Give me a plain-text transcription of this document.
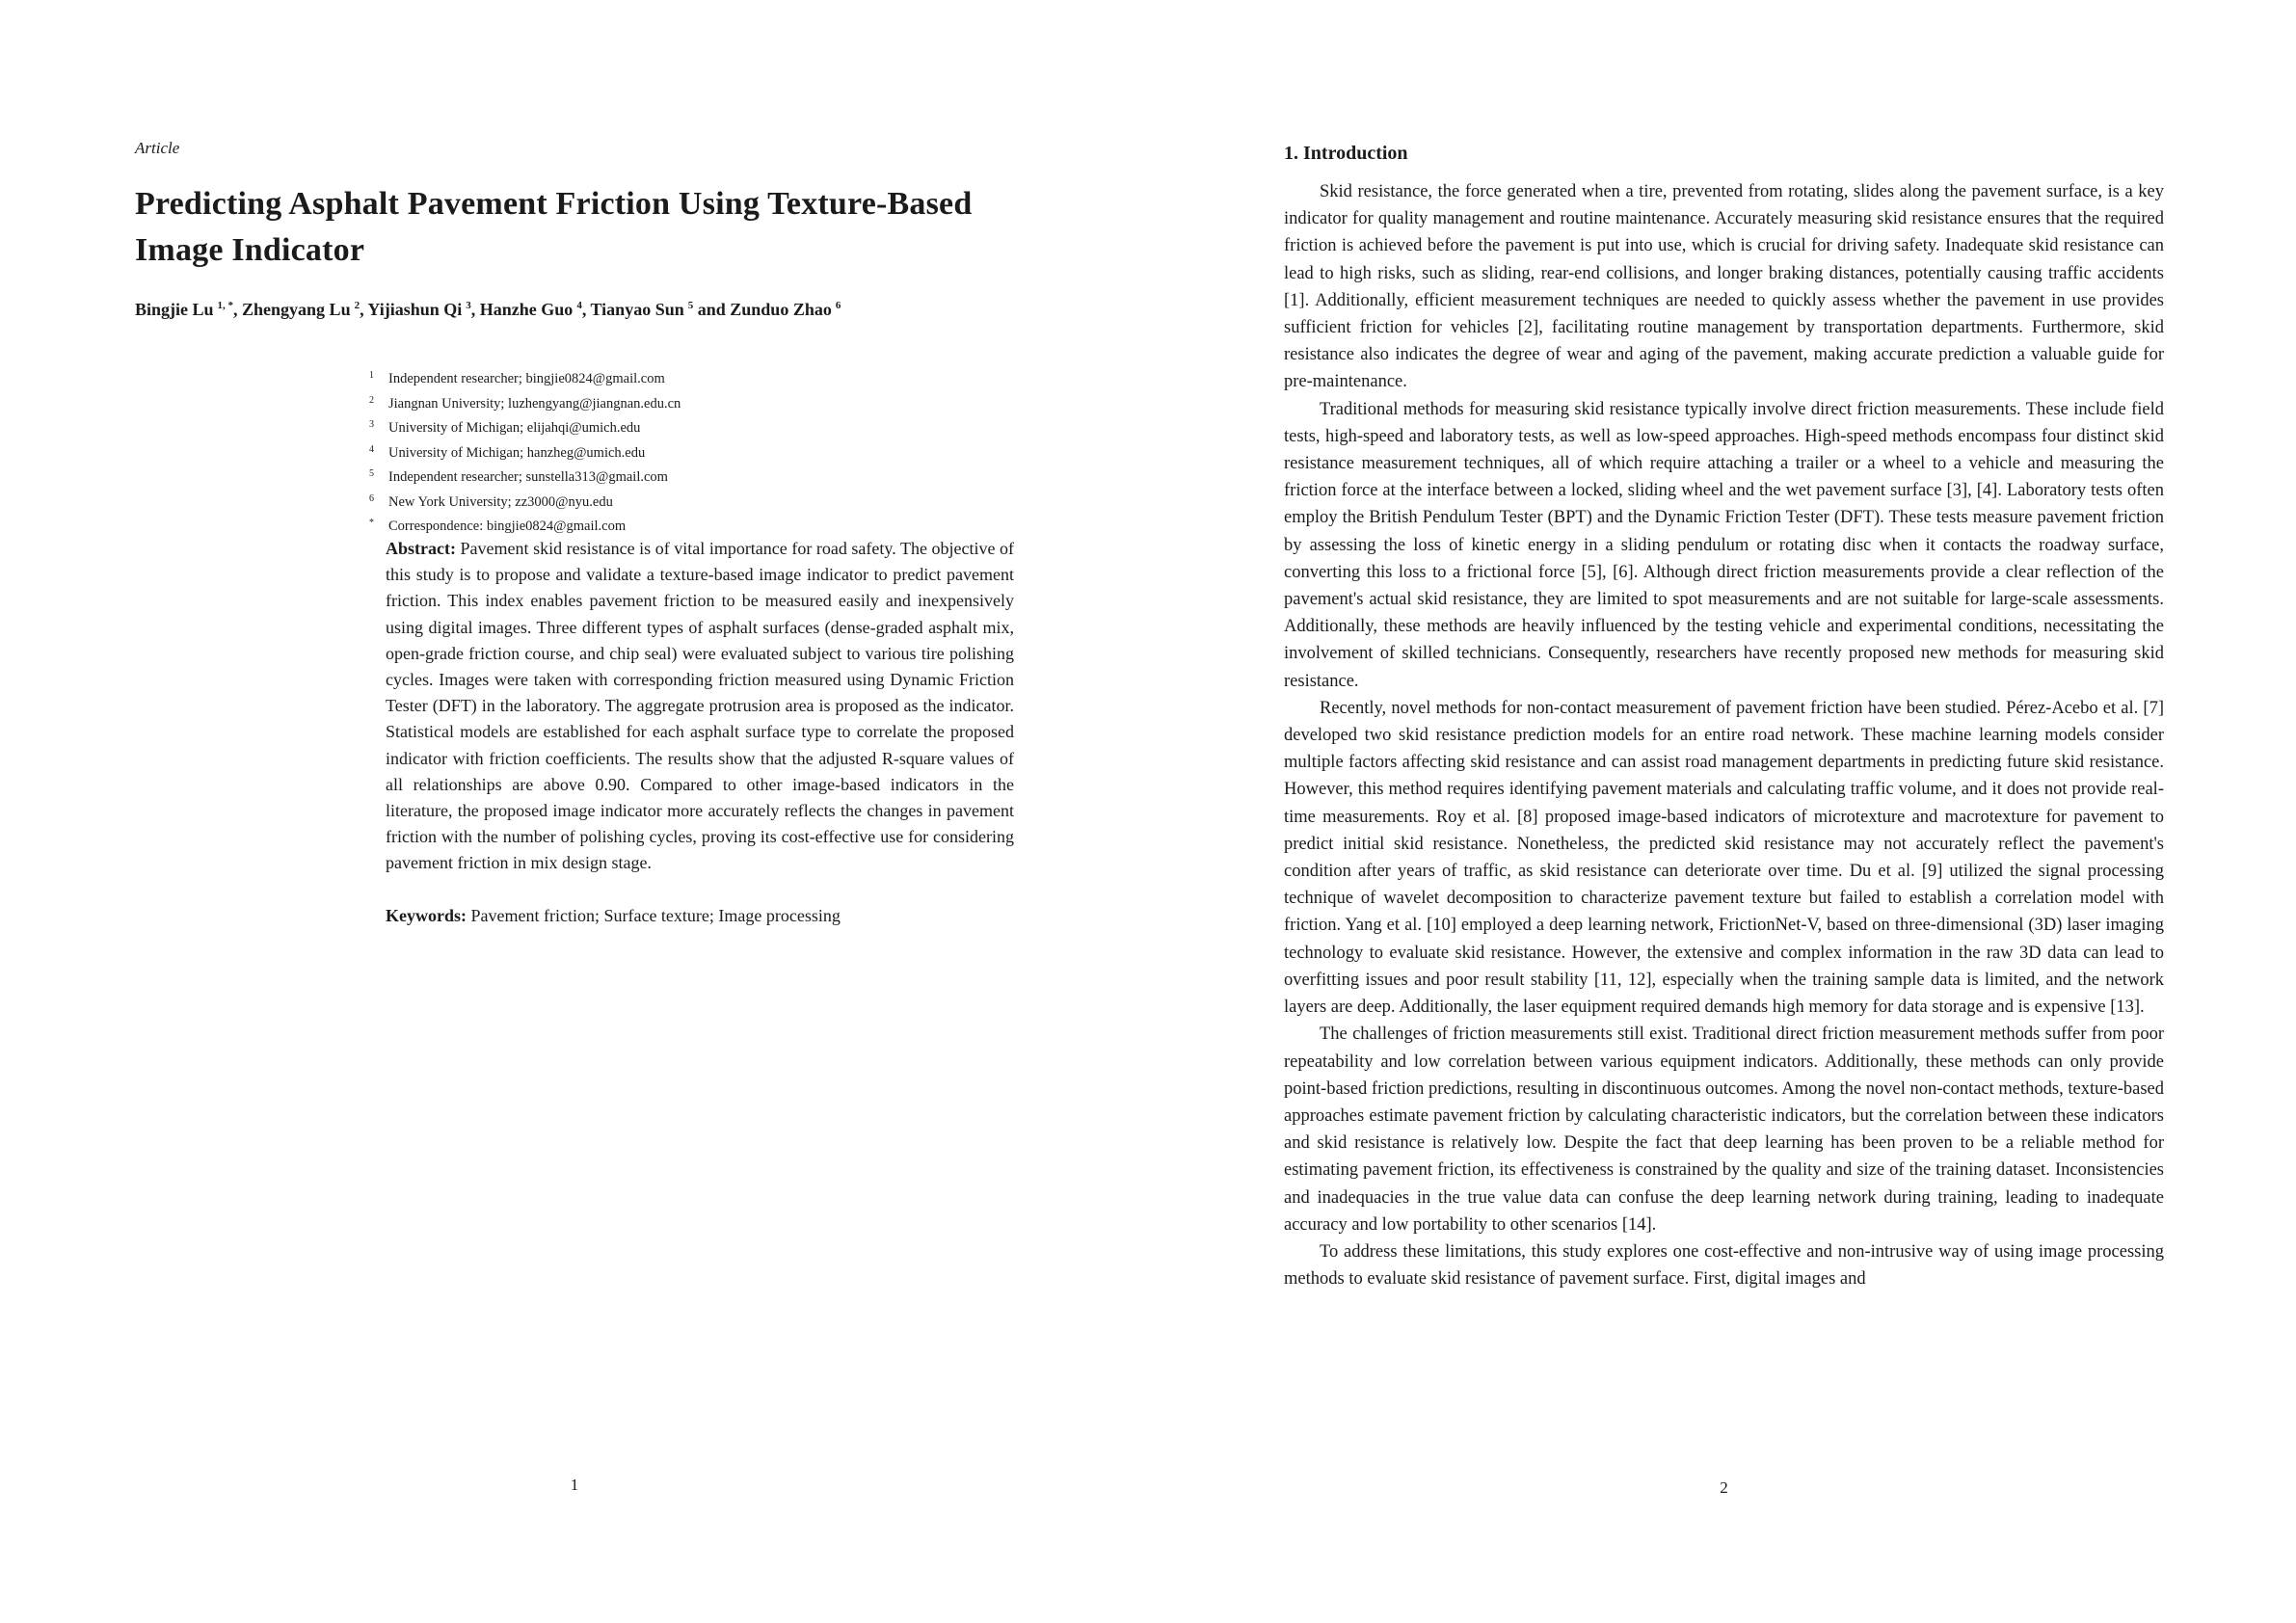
Article
Predicting Asphalt Pavement Friction Using Texture-Based Image Indicator
Bingjie Lu $^{1, *}$, Zhengyang Lu $^2$, Yijiashun Qi $^3$, Hanzhe Guo $^4$, Tianyao Sun $^5$ and Zunduo Zhao $^6$
1 Independent researcher; bingjie0824@gmail.com
2 Jiangnan University; luzhengyang@jiangnan.edu.cn
3 University of Michigan; elijahqi@umich.edu
4 University of Michigan; hanzheg@umich.edu
5 Independent researcher; sunstella313@gmail.com
6 New York University; zz3000@nyu.edu
* Correspondence: bingjie0824@gmail.com

Abstract: Pavement skid resistance is of vital importance for road safety. The objective of this study is to propose and validate a texture-based image indicator to predict pavement friction. This index enables pavement friction to be measured easily and inexpensively using digital images. Three different types of asphalt surfaces (dense-graded asphalt mix, open-grade friction course, and chip seal) were evaluated subject to various tire polishing cycles. Images were taken with corresponding friction measured using Dynamic Friction Tester (DFT) in the laboratory. The aggregate protrusion area is proposed as the indicator. Statistical models are established for each asphalt surface type to correlate the proposed indicator with friction coefficients. The results show that the adjusted R-square values of all relationships are above 0.90. Compared to other image-based indicators in the literature, the proposed image indicator more accurately reflects the changes in pavement friction with the number of polishing cycles, proving its cost-effective use for considering pavement friction in mix design stage.

Keywords: Pavement friction; Surface texture; Image processing

1
1. Introduction

Skid resistance, the force generated when a tire, prevented from rotating, slides along the pavement surface, is a key indicator for quality management and routine maintenance. Accurately measuring skid resistance ensures that the required friction is achieved before the pavement is put into use, which is crucial for driving safety. Inadequate skid resistance can lead to high risks, such as sliding, rear-end collisions, and longer braking distances, potentially causing traffic accidents [1]. Additionally, efficient measurement techniques are needed to quickly assess whether the pavement in use provides sufficient friction for vehicles [2], facilitating routine management by transportation departments. Furthermore, skid resistance also indicates the degree of wear and aging of the pavement, making accurate prediction a valuable guide for pre-maintenance.

Traditional methods for measuring skid resistance typically involve direct friction measurements. These include field tests, high-speed and laboratory tests, as well as low-speed approaches. High-speed methods encompass four distinct skid resistance measurement techniques, all of which require attaching a trailer or a wheel to a vehicle and measuring the friction force at the interface between a locked, sliding wheel and the wet pavement surface [3], [4]. Laboratory tests often employ the British Pendulum Tester (BPT) and the Dynamic Friction Tester (DFT). These tests measure pavement friction by assessing the loss of kinetic energy in a sliding pendulum or rotating disc when it contacts the roadway surface, converting this loss to a frictional force [5], [6]. Although direct friction measurements provide a clear reflection of the pavement's actual skid resistance, they are limited to spot measurements and are not suitable for large-scale assessments. Additionally, these methods are heavily influenced by the testing vehicle and experimental conditions, necessitating the involvement of skilled technicians. Consequently, researchers have recently proposed new methods for measuring skid resistance.

Recently, novel methods for non-contact measurement of pavement friction have been studied. Pérez-Acebo et al. [7] developed two skid resistance prediction models for an entire road network. These machine learning models consider multiple factors affecting skid resistance and can assist road management departments in predicting future skid resistance. However, this method requires identifying pavement materials and calculating traffic volume, and it does not provide real-time measurements. Roy et al. [8] proposed image-based indicators of microtexture and macrotexture for pavement to predict initial skid resistance. Nonetheless, the predicted skid resistance may not accurately reflect the pavement's condition after years of traffic, as skid resistance can deteriorate over time. Du et al. [9] utilized the signal processing technique of wavelet decomposition to characterize pavement texture but failed to establish a correlation model with friction. Yang et al. [10] employed a deep learning network, FrictionNet-V, based on three-dimensional (3D) laser imaging technology to evaluate skid resistance. However, the extensive and complex information in the raw 3D data can lead to overfitting issues and poor result stability [11, 12], especially when the training sample data is limited, and the network layers are deep. Additionally, the laser equipment required demands high memory for data storage and is expensive [13].

The challenges of friction measurements still exist. Traditional direct friction measurement methods suffer from poor repeatability and low correlation between various equipment indicators. Additionally, these methods can only provide point-based friction predictions, resulting in discontinuous outcomes. Among the novel non-contact methods, texture-based approaches estimate pavement friction by calculating characteristic indicators, but the correlation between these indicators and skid resistance is relatively low. Despite the fact that deep learning has been proven to be a reliable method for estimating pavement friction, its effectiveness is constrained by the quality and size of the training dataset. Inconsistencies and inadequacies in the true value data can confuse the deep learning network during training, leading to inadequate accuracy and low portability to other scenarios [14].

To address these limitations, this study explores one cost-effective and non-intrusive way of using image processing methods to evaluate skid resistance of pavement surface. First, digital images and

2
